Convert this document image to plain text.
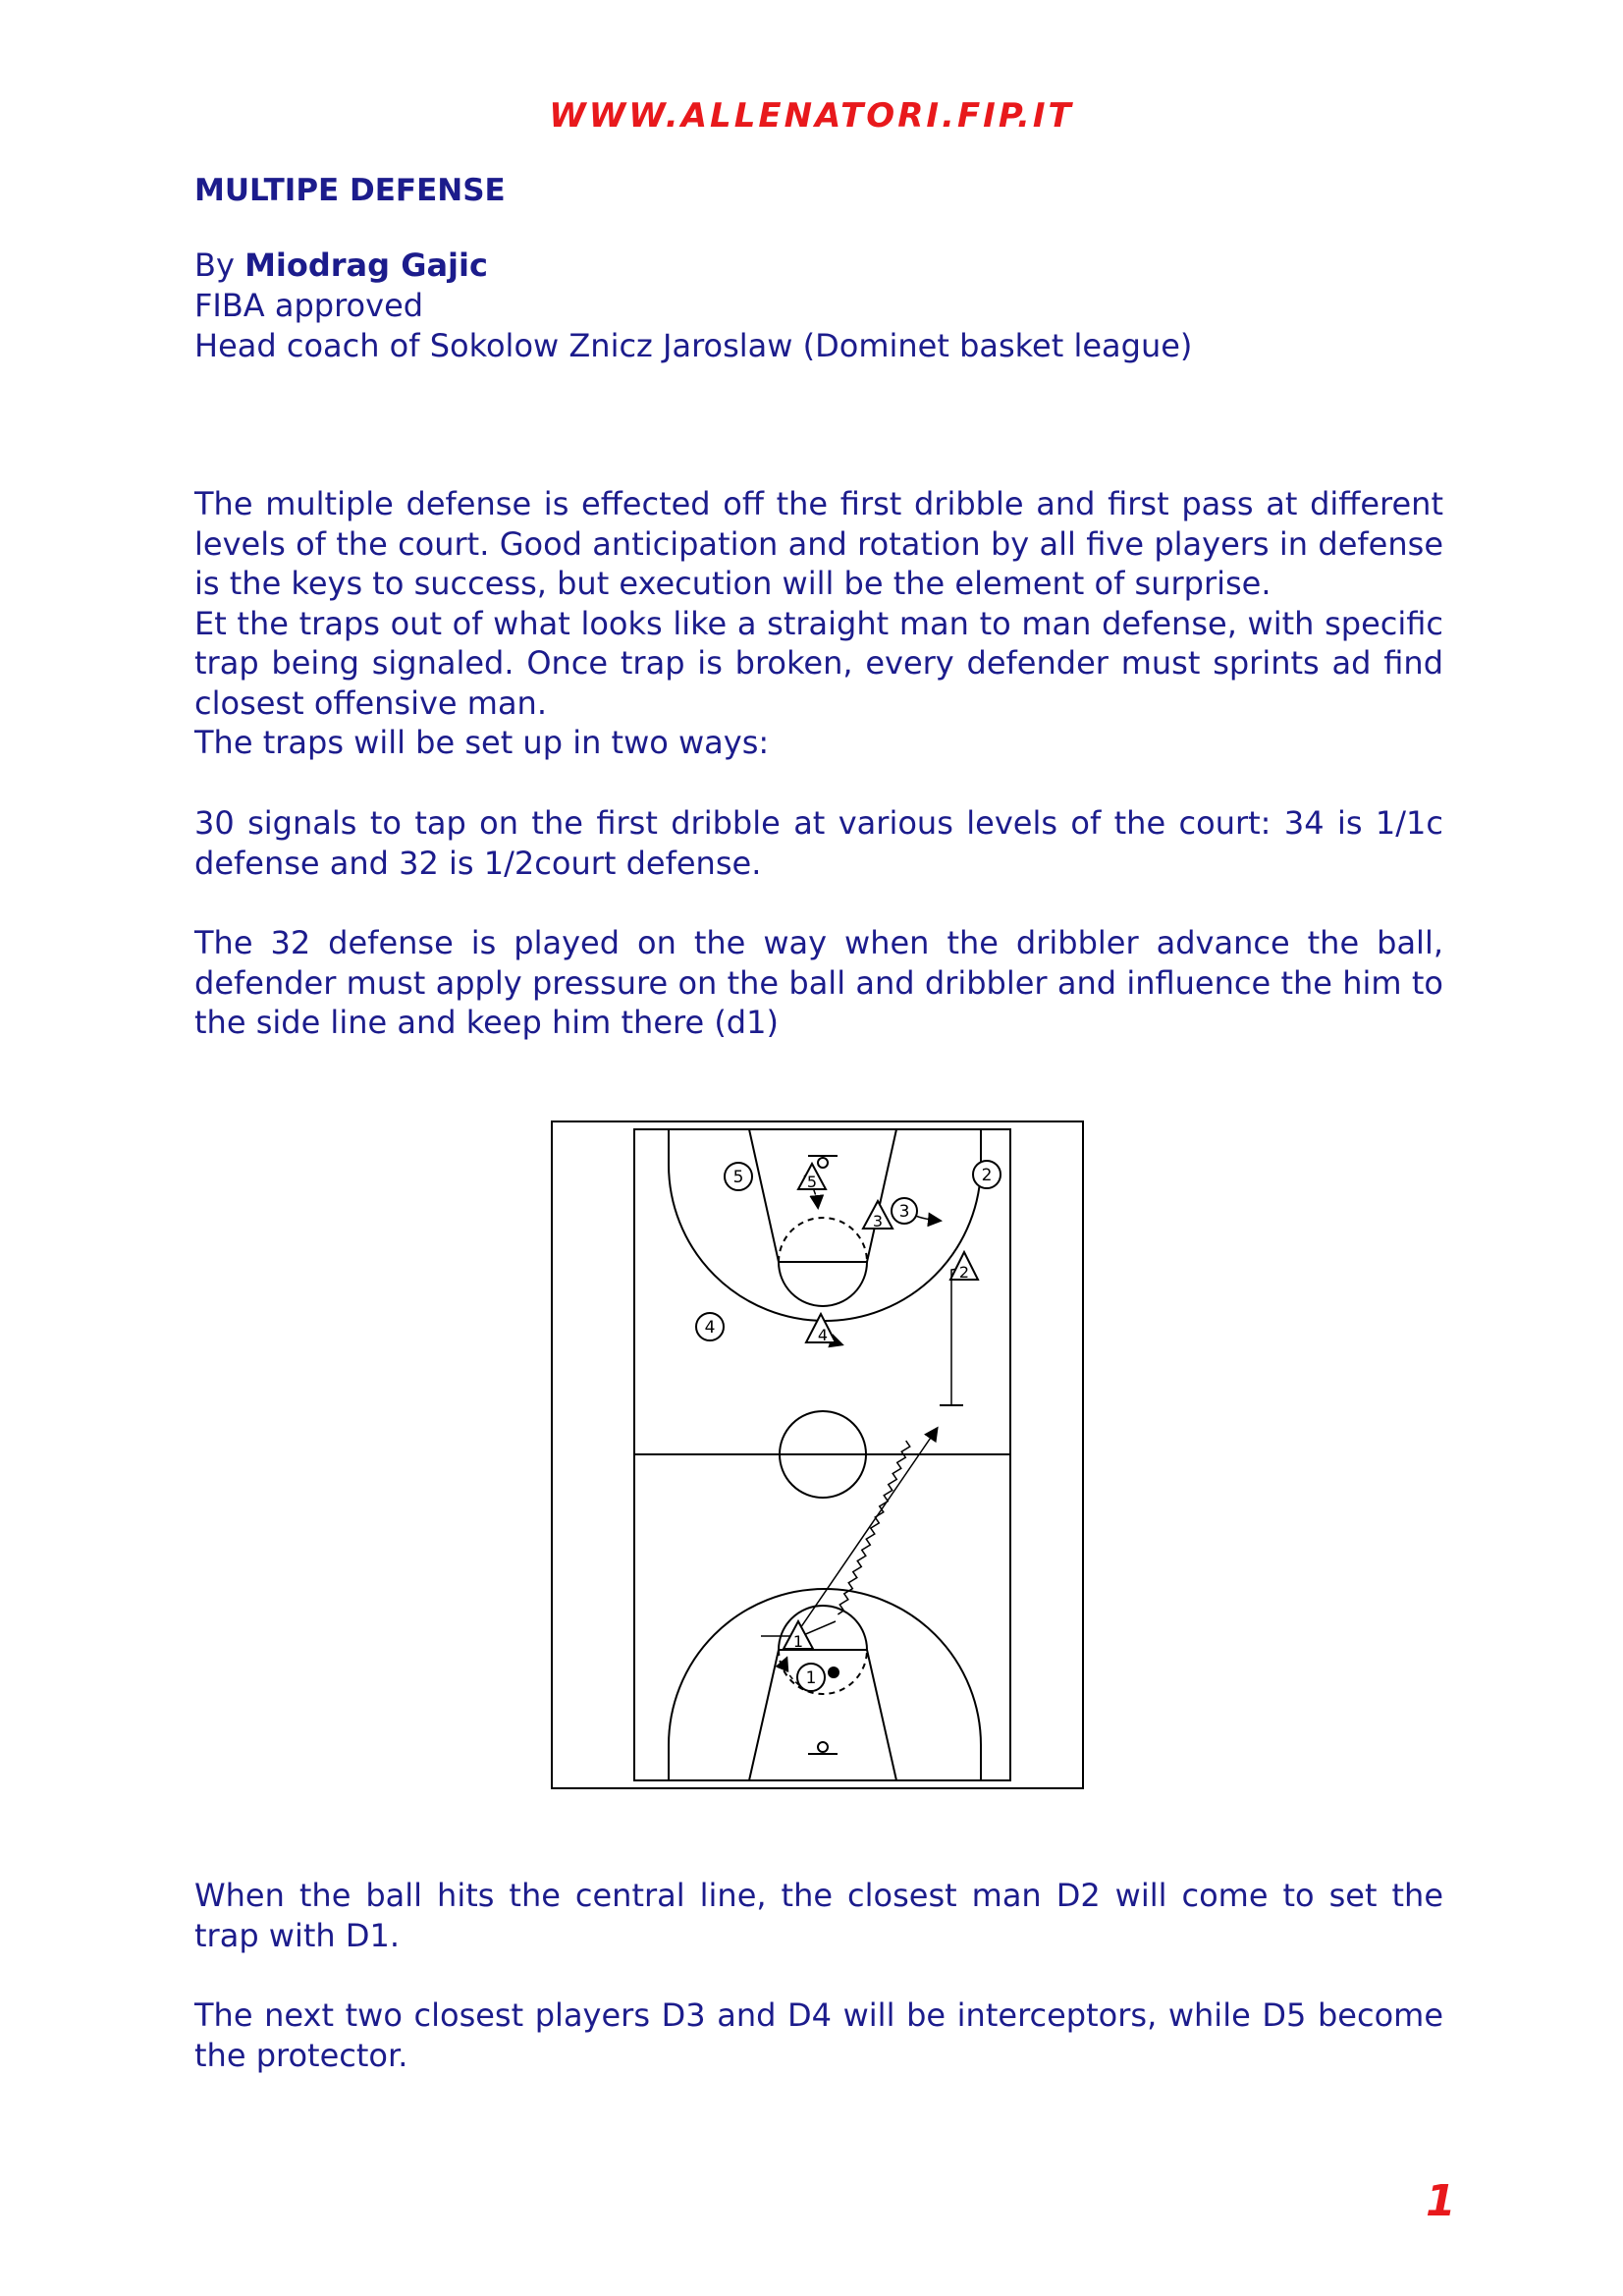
WWW.ALLENATORI.FIP.IT
MULTIPE DEFENSE
By Miodrag Gajic
FIBA approved
Head coach of Sokolow Znicz Jaroslaw (Dominet basket league)
The multiple defense is effected off the first dribble and first pass at different levels of the court. Good anticipation and rotation by all five players in defense is the keys to success, but execution will be the element of surprise.
Et the traps out of what looks like a straight man to man defense, with specific trap being signaled. Once trap is broken, every defender must sprints ad find closest offensive man.
The traps will be set up in two ways:

30 signals to tap on the first dribble at various levels of the court: 34 is 1/1c defense and 32 is 1/2court defense.

The 32 defense is played on the way when the dribbler advance the ball, defender must apply pressure on the ball and dribbler and influence the him to the side line and keep him there (d1)

5	2
3
4
1
5
3
2
4
1

When the ball hits the central line, the closest man D2 will come to set the trap with D1.

The next two closest players D3 and D4 will be interceptors, while D5 become the protector.

1
